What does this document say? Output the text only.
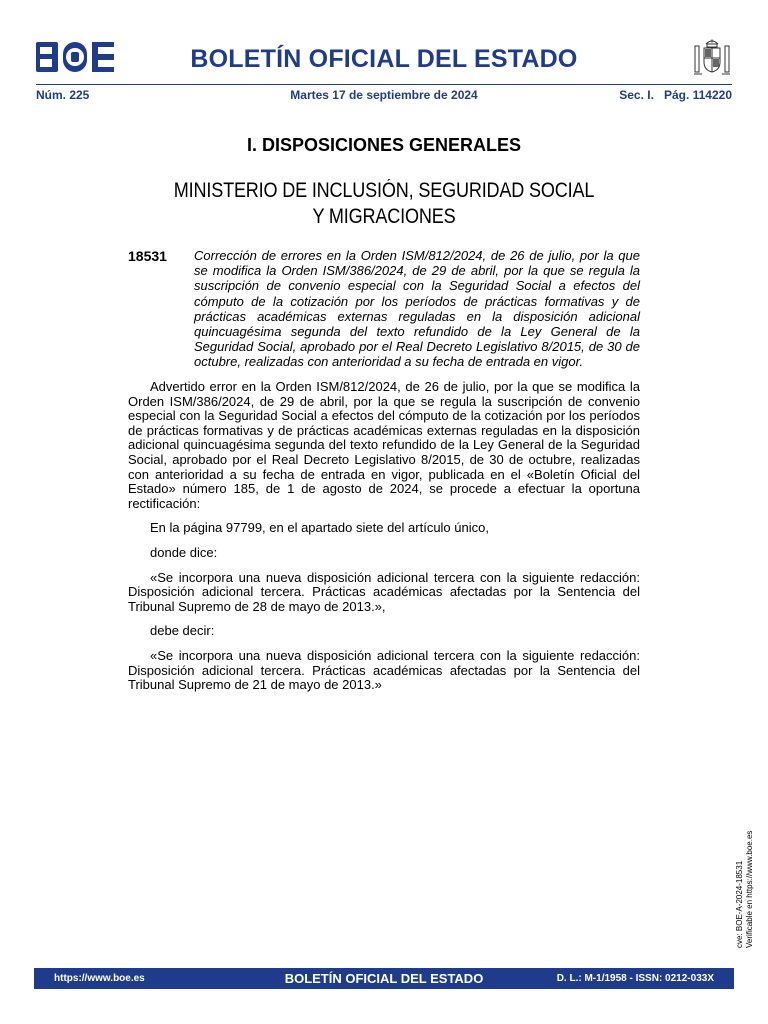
BOLETÍN OFICIAL DEL ESTADO
Núm. 225	Martes 17 de septiembre de 2024	Sec. I.   Pág. 114220
I. DISPOSICIONES GENERALES
MINISTERIO DE INCLUSIÓN, SEGURIDAD SOCIAL
Y MIGRACIONES
18531 Corrección de errores en la Orden ISM/812/2024, de 26 de julio, por la que se modifica la Orden ISM/386/2024, de 29 de abril, por la que se regula la suscripción de convenio especial con la Seguridad Social a efectos del cómputo de la cotización por los períodos de prácticas formativas y de prácticas académicas externas reguladas en la disposición adicional quincuagésima segunda del texto refundido de la Ley General de la Seguridad Social, aprobado por el Real Decreto Legislativo 8/2015, de 30 de octubre, realizadas con anterioridad a su fecha de entrada en vigor.

Advertido error en la Orden ISM/812/2024, de 26 de julio, por la que se modifica la Orden ISM/386/2024, de 29 de abril, por la que se regula la suscripción de convenio especial con la Seguridad Social a efectos del cómputo de la cotización por los períodos de prácticas formativas y de prácticas académicas externas reguladas en la disposición adicional quincuagésima segunda del texto refundido de la Ley General de la Seguridad Social, aprobado por el Real Decreto Legislativo 8/2015, de 30 de octubre, realizadas con anterioridad a su fecha de entrada en vigor, publicada en el «Boletín Oficial del Estado» número 185, de 1 de agosto de 2024, se procede a efectuar la oportuna rectificación:

En la página 97799, en el apartado siete del artículo único,

donde dice:

«Se incorpora una nueva disposición adicional tercera con la siguiente redacción: Disposición adicional tercera. Prácticas académicas afectadas por la Sentencia del Tribunal Supremo de 28 de mayo de 2013.»,

debe decir:

«Se incorpora una nueva disposición adicional tercera con la siguiente redacción: Disposición adicional tercera. Prácticas académicas afectadas por la Sentencia del Tribunal Supremo de 21 de mayo de 2013.»

cve: BOE-A-2024-18531 Verificable en https://www.boe.es
https://www.boe.es	BOLETÍN OFICIAL DEL ESTADO	D. L.: M-1/1958 - ISSN: 0212-033X
